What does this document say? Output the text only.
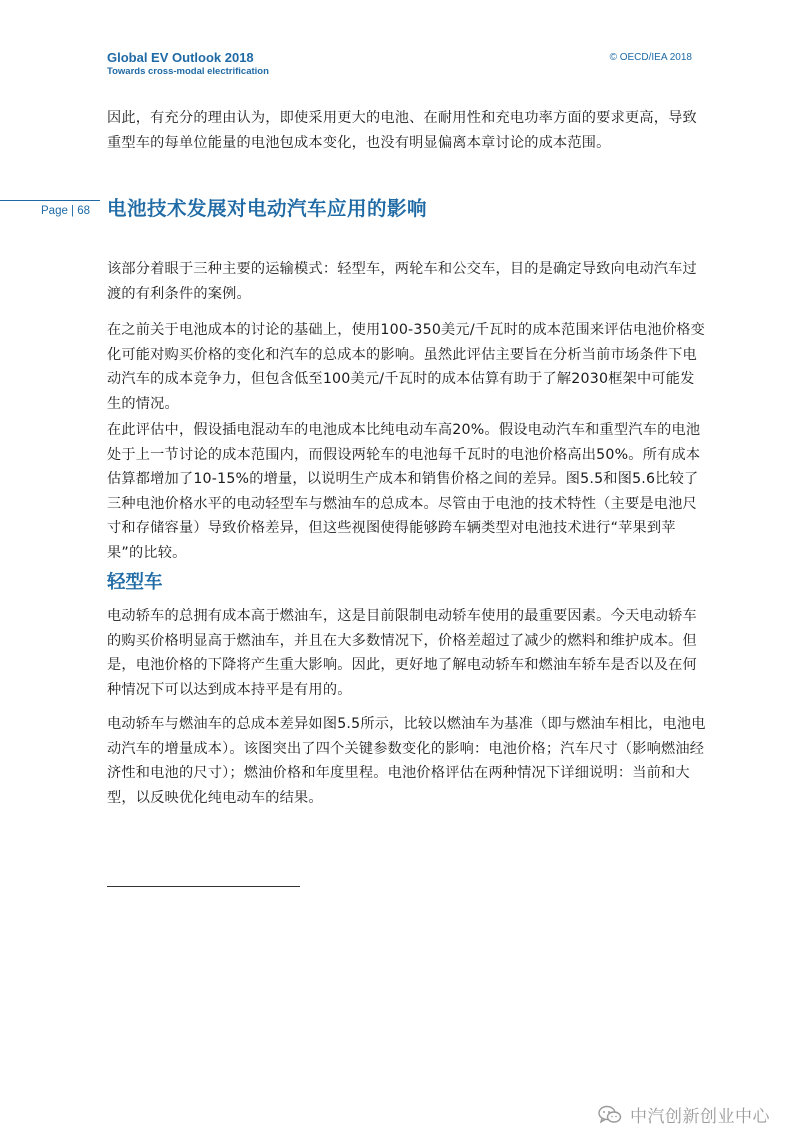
Global EV Outlook 2018
Towards cross-modal electrification
© OECD/IEA 2018

因此，有充分的理由认为，即使采用更大的电池、在耐用性和充电功率方面的要求更高，导致重型车的每单位能量的电池包成本变化，也没有明显偏离本章讨论的成本范围。

Page | 68 电池技术发展对电动汽车应用的影响

该部分着眼于三种主要的运输模式：轻型车，两轮车和公交车，目的是确定导致向电动汽车过渡的有利条件的案例。

在之前关于电池成本的讨论的基础上，使用100-350美元/千瓦时的成本范围来评估电池价格变化可能对购买价格的变化和汽车的总成本的影响。虽然此评估主要旨在分析当前市场条件下电动汽车的成本竞争力，但包含低至100美元/千瓦时的成本估算有助于了解2030框架中可能发生的情况。

在此评估中，假设插电混动车的电池成本比纯电动车高20%。假设电动汽车和重型汽车的电池处于上一节讨论的成本范围内，而假设两轮车的电池每千瓦时的电池价格高出50%。所有成本估算都增加了10-15%的增量，以说明生产成本和销售价格之间的差异。图5.5和图5.6比较了三种电池价格水平的电动轻型车与燃油车的总成本。尽管由于电池的技术特性（主要是电池尺寸和存储容量）导致价格差异，但这些视图使得能够跨车辆类型对电池技术进行“苹果到苹果”的比较。

轻型车

电动轿车的总拥有成本高于燃油车，这是目前限制电动轿车使用的最重要因素。今天电动轿车的购买价格明显高于燃油车，并且在大多数情况下，价格差超过了减少的燃料和维护成本。但是，电池价格的下降将产生重大影响。因此，更好地了解电动轿车和燃油车轿车是否以及在何种情况下可以达到成本持平是有用的。

电动轿车与燃油车的总成本差异如图5.5所示，比较以燃油车为基准（即与燃油车相比，电池电动汽车的增量成本）。该图突出了四个关键参数变化的影响：电池价格；汽车尺寸（影响燃油经济性和电池的尺寸）；燃油价格和年度里程。电池价格评估在两种情况下详细说明：当前和大型，以反映优化纯电动车的结果。

中汽创新创业中心
